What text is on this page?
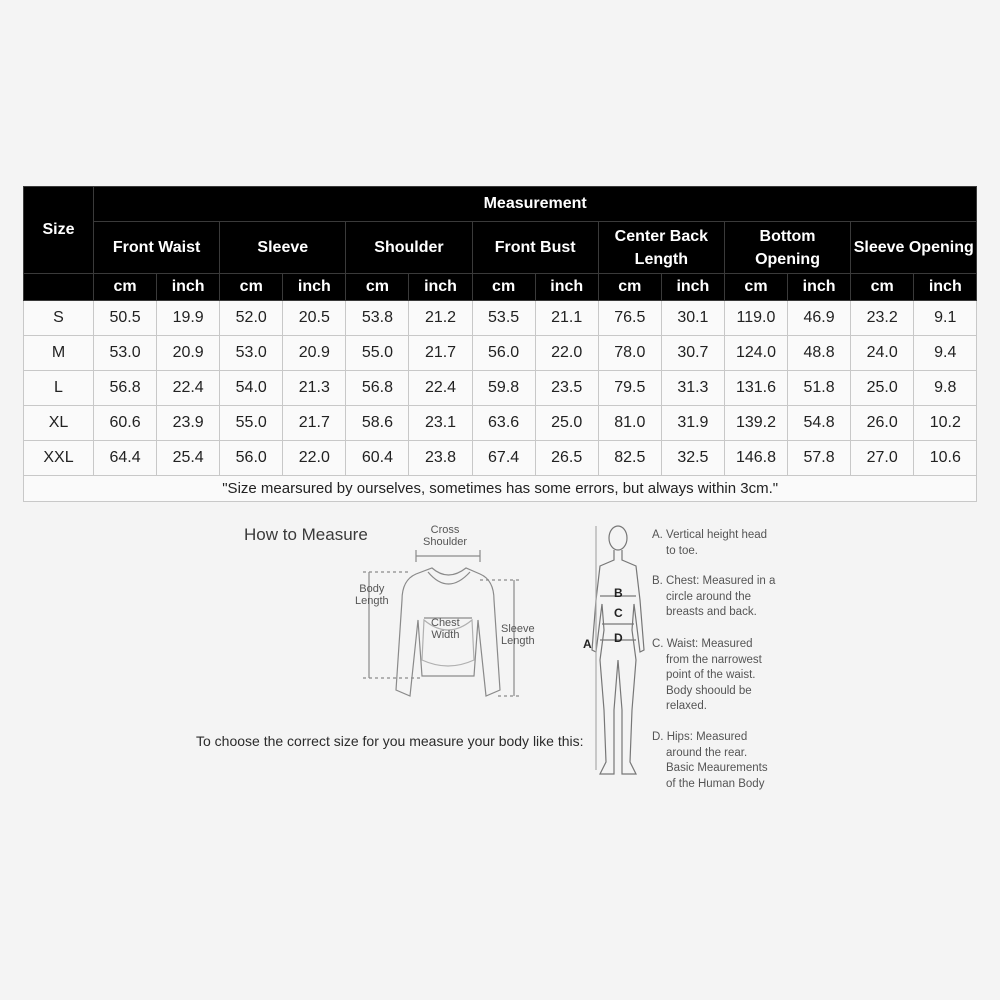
Size	Measurement													
	Front Waist		Sleeve		Shoulder		Front Bust		Center Back Length		Bottom Opening		Sleeve Opening	
	cm	inch	cm	inch	cm	inch	cm	inch	cm	inch	cm	inch	cm	inch
S	50.5	19.9	52.0	20.5	53.8	21.2	53.5	21.1	76.5	30.1	119.0	46.9	23.2	9.1
M	53.0	20.9	53.0	20.9	55.0	21.7	56.0	22.0	78.0	30.7	124.0	48.8	24.0	9.4
L	56.8	22.4	54.0	21.3	56.8	22.4	59.8	23.5	79.5	31.3	131.6	51.8	25.0	9.8
XL	60.6	23.9	55.0	21.7	58.6	23.1	63.6	25.0	81.0	31.9	139.2	54.8	26.0	10.2
XXL	64.4	25.4	56.0	22.0	60.4	23.8	67.4	26.5	82.5	32.5	146.8	57.8	27.0	10.6
"Size mearsured by ourselves, sometimes has some errors, but always within 3cm."														
How to Measure	Cross
Shoulder
Body
Length
Chest
Width	Sleeve
Length
To choose the correct size for you measure your body like this:
A
B
C
D
A. Vertical height head
to toe.
B. Chest: Measured in a
circle around the
breasts and back.
C. Waist: Measured
from the narrowest
point of the waist.
Body shoould be
relaxed.
D. Hips: Measured
around the rear.
Basic Meaurements
of the Human Body
